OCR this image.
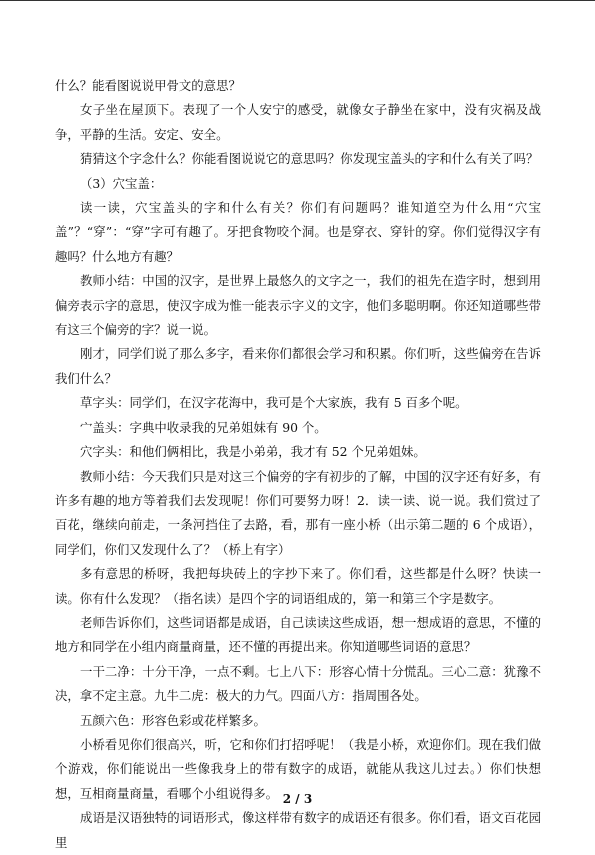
什么？能看图说说甲骨文的意思？

女子坐在屋顶下。表现了一个人安宁的感受，就像女子静坐在家中，没有灾祸及战争，平静的生活。安定、安全。

猜猜这个字念什么？你能看图说说它的意思吗？你发现宝盖头的字和什么有关了吗？

（3）穴宝盖：

读一读，穴宝盖头的字和什么有关？你们有问题吗？谁知道空为什么用“穴宝盖”？“穿”：“穿”字可有趣了。牙把食物咬个洞。也是穿衣、穿针的穿。你们觉得汉字有趣吗？什么地方有趣？

教师小结：中国的汉字，是世界上最悠久的文字之一，我们的祖先在造字时，想到用偏旁表示字的意思，使汉字成为惟一能表示字义的文字，他们多聪明啊。你还知道哪些带有这三个偏旁的字？说一说。

刚才，同学们说了那么多字，看来你们都很会学习和积累。你们听，这些偏旁在告诉我们什么？

草字头：同学们，在汉字花海中，我可是个大家族，我有 5 百多个呢。

宀盖头：字典中收录我的兄弟姐妹有 90 个。

穴字头：和他们俩相比，我是小弟弟，我才有 52 个兄弟姐妹。

教师小结：今天我们只是对这三个偏旁的字有初步的了解，中国的汉字还有好多，有许多有趣的地方等着我们去发现呢！你们可要努力呀！2．读一读、说一说。我们赏过了百花，继续向前走，一条河挡住了去路，看，那有一座小桥（出示第二题的 6 个成语），同学们，你们又发现什么了？（桥上有字）

多有意思的桥呀，我把每块砖上的字抄下来了。你们看，这些都是什么呀？快读一读。你有什么发现？（指名读）是四个字的词语组成的，第一和第三个字是数字。

老师告诉你们，这些词语都是成语，自己读读这些成语，想一想成语的意思，不懂的地方和同学在小组内商量商量，还不懂的再提出来。你知道哪些词语的意思？

一干二净：十分干净，一点不剩。七上八下：形容心情十分慌乱。三心二意：犹豫不决，拿不定主意。九牛二虎：极大的力气。四面八方：指周围各处。

五颜六色：形容色彩或花样繁多。

小桥看见你们很高兴，听，它和你们打招呼呢！（我是小桥，欢迎你们。现在我们做个游戏，你们能说出一些像我身上的带有数字的成语，就能从我这儿过去。）你们快想想，互相商量商量，看哪个小组说得多。

成语是汉语独特的词语形式，像这样带有数字的成语还有很多。你们看，语文百花园里

2 / 3
